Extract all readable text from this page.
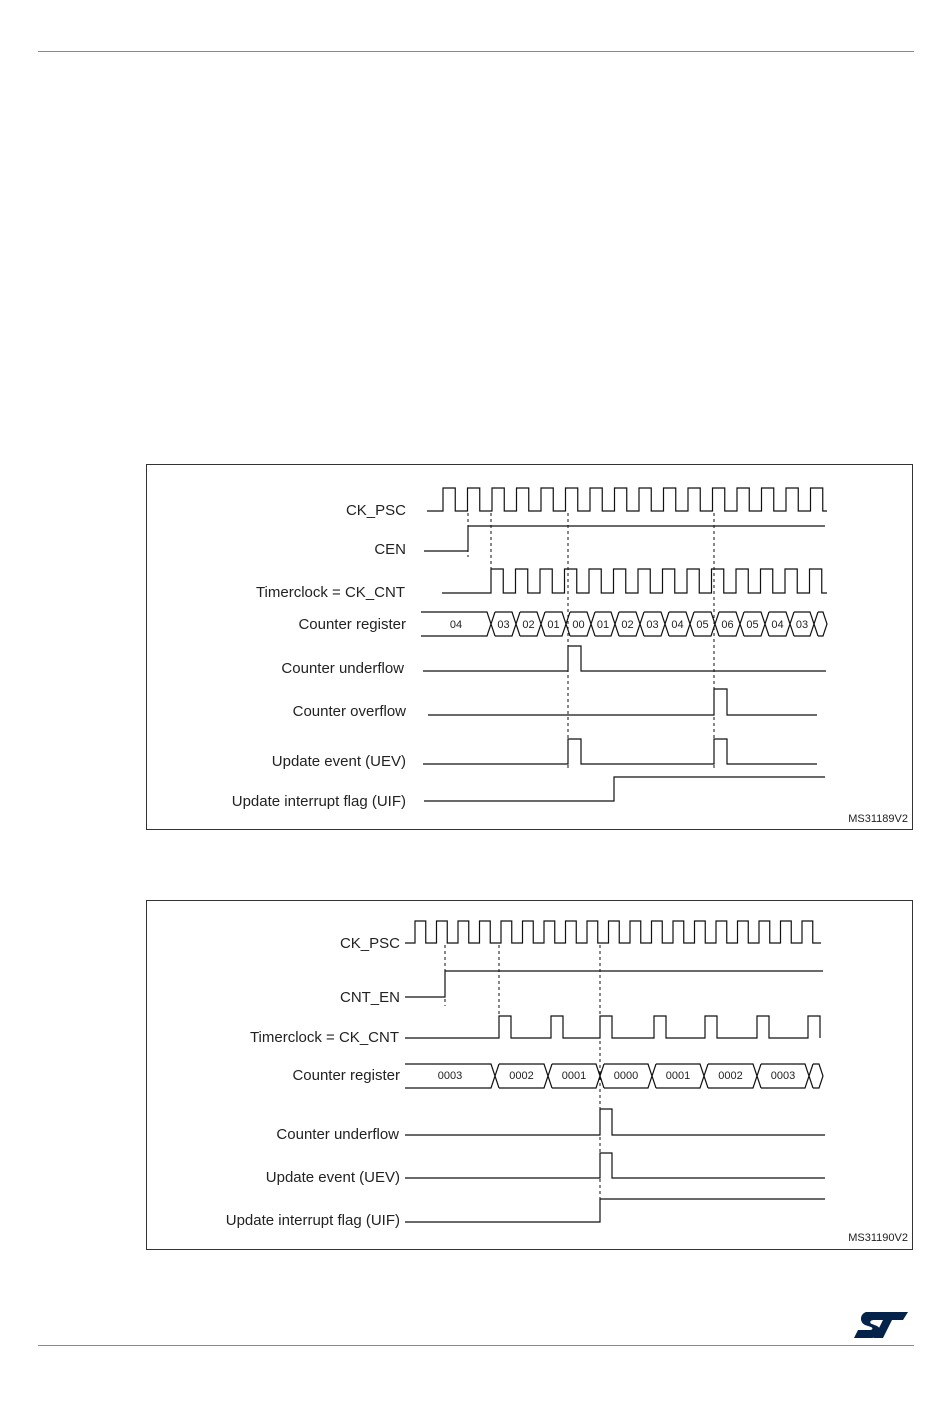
CK_PSC
CEN
Timerclock = CK_CNT
Counter register
Counter underflow
Counter overflow
Update event (UEV)
Update interrupt flag (UIF)
04	03 02 01 00 01 02 03 04 05 06 05 04 03
MS31189V2
CK_PSC
CNT_EN
Timerclock = CK_CNT
Counter register
Counter underflow
Update event (UEV)
Update interrupt flag (UIF)
0003	0002	0001	0000	0001	0002	0003
MS31190V2
